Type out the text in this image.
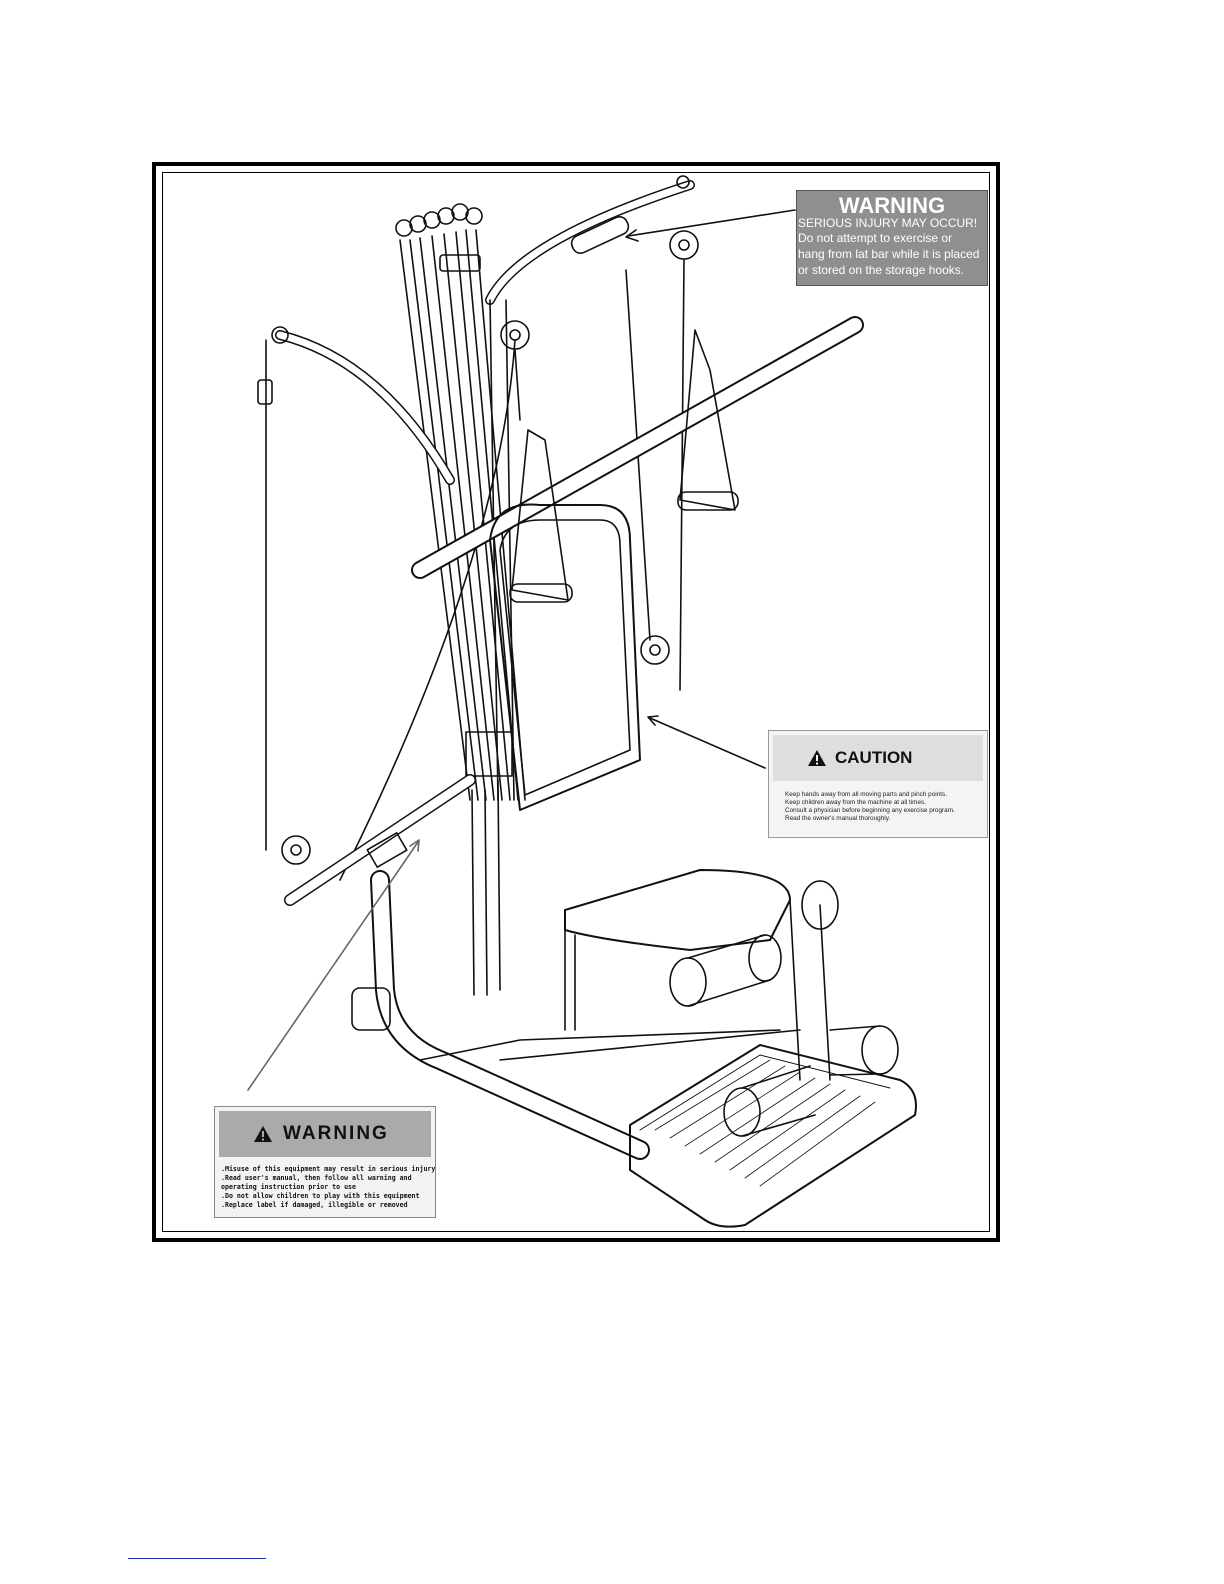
WARNING
SERIOUS INJURY MAY OCCUR!
Do not attempt to exercise or
hang from lat bar while it is placed
or stored on the storage hooks.
CAUTION
Keep hands away from all moving parts and pinch points.
Keep children away from the machine at all times.
Consult a physician before beginning any exercise program.
Read the owner's manual thoroughly.
WARNING
.Misuse of this equipment may result in serious injury
.Read user's manual, then follow all warning and
operating instruction prior to use
.Do not allow children to play with this equipment
.Replace label if damaged, illegible or removed
